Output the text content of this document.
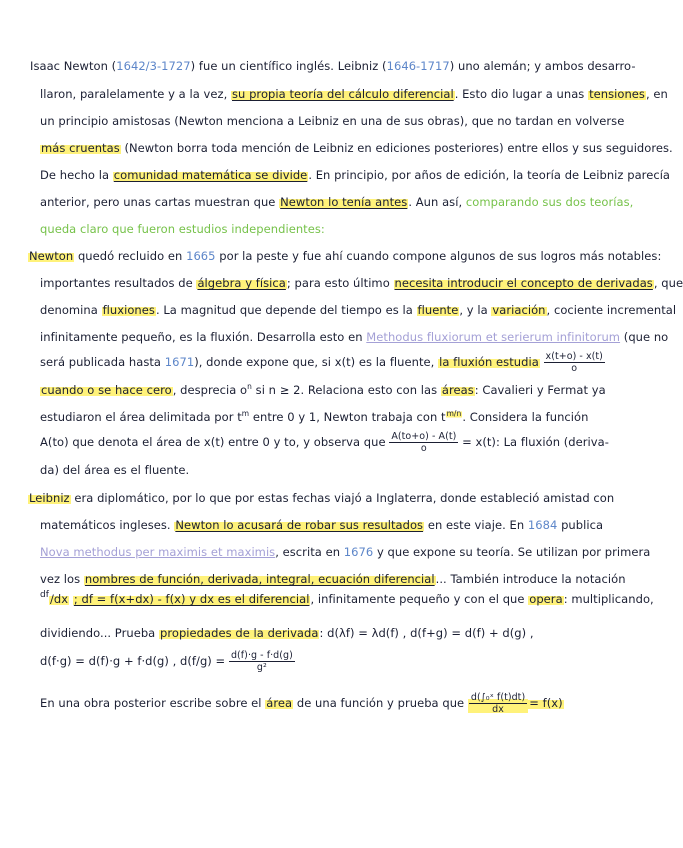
Isaac Newton (1642/3-1727) fue un científico inglés. Leibniz (1646-1717) uno alemán; y ambos desarro-
llaron, paralelamente y a la vez, su propia teoría del cálculo diferencial. Esto dio lugar a unas tensiones, en
un principio amistosas (Newton menciona a Leibniz en una de sus obras), que no tardan en volverse
más cruentas (Newton borra toda mención de Leibniz en ediciones posteriores) entre ellos y sus seguidores.
De hecho la comunidad matemática se divide. En principio, por años de edición, la teoría de Leibniz parecía
anterior, pero unas cartas muestran que Newton lo tenía antes. Aun así, comparando sus dos teorías,
queda claro que fueron estudios independientes:
Newton quedó recluido en 1665 por la peste y fue ahí cuando compone algunos de sus logros más notables:
importantes resultados de álgebra y física; para esto último necesita introducir el concepto de derivadas, que
denomina fluxiones. La magnitud que depende del tiempo es la fluente, y la variación, cociente incremental
infinitamente pequeño, es la fluxión. Desarrolla esto en Methodus fluxiorum et serierum infinitorum (que no
será publicada hasta 1671), donde expone que, si x(t) es la fluente, la fluxión estudia $\frac{x(t+o) - x(t)}{o}$
cuando o se hace cero, desprecia $o^n$ si n ≥ 2. Relaciona esto con las áreas: Cavalieri y Fermat ya
estudiaron el área delimitada por $t^m$ entre 0 y 1, Newton trabaja con $t^{m/n}$. Considera la función
A(to) que denota el área de x(t) entre 0 y to, y observa que $\frac{A(to+o) - A(t)}{o} = x(t)$: La fluxión (deriva-
da) del área es el fluente.
Leibniz era diplomático, por lo que por estas fechas viajó a Inglaterra, donde estableció amistad con
matemáticos ingleses. Newton lo acusará de robar sus resultados en este viaje. En 1684 publica
Nova methodus per maximis et maximis, escrita en 1676 y que expone su teoría. Se utilizan por primera
vez los nombres de función, derivada, integral, ecuación diferencial... También introduce la notación
$^{df}$/dx ; df = f(x+dx) - f(x) y dx es el diferencial, infinitamente pequeño y con el que opera: multiplicando,
dividiendo... Prueba propiedades de la derivada: d(λf) = λd(f) , d(f+g) = d(f) + d(g) ,
d(f·g) = d(f)·g + f·d(g) , $d(f/g) = \frac{d(f)\cdot g - f\cdot d(g)}{\text{g²}}$
En una obra posterior escribe sobre el área de una función y prueba que $\frac{\text{d(∫₀ˣ f(t)dt)}}{dx} = f(x)$
